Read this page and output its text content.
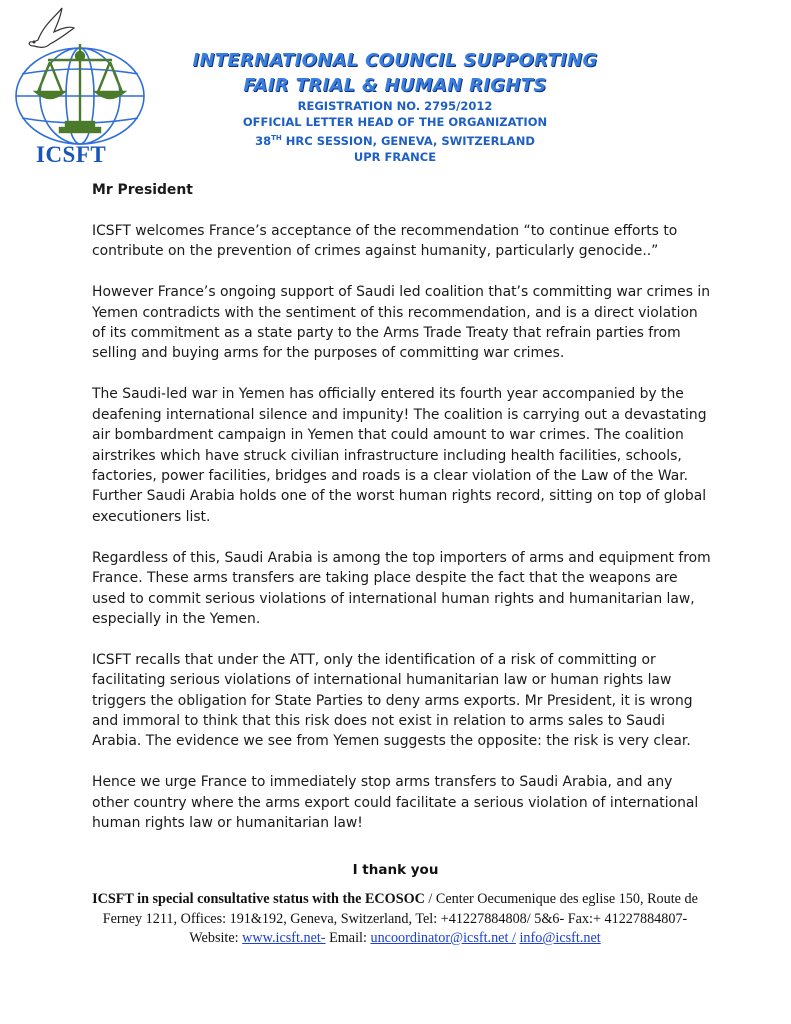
ICSFT
INTERNATIONAL COUNCIL SUPPORTING
FAIR TRIAL & HUMAN RIGHTS
REGISTRATION NO. 2795/2012
OFFICIAL LETTER HEAD OF THE ORGANIZATION
38TH HRC SESSION, GENEVA, SWITZERLAND
UPR FRANCE

Mr President

ICSFT welcomes France’s acceptance of the recommendation “to continue efforts to contribute on the prevention of crimes against humanity, particularly genocide..”

However France’s ongoing support of Saudi led coalition that’s committing war crimes in Yemen contradicts with the sentiment of this recommendation, and is a direct violation of its commitment as a state party to the Arms Trade Treaty that refrain parties from selling and buying arms for the purposes of committing war crimes.

The Saudi-led war in Yemen has officially entered its fourth year accompanied by the deafening international silence and impunity! The coalition is carrying out a devastating air bombardment campaign in Yemen that could amount to war crimes. The coalition airstrikes which have struck civilian infrastructure including health facilities, schools, factories, power facilities, bridges and roads is a clear violation of the Law of the War. Further Saudi Arabia holds one of the worst human rights record, sitting on top of global executioners list.

Regardless of this, Saudi Arabia is among the top importers of arms and equipment from France. These arms transfers are taking place despite the fact that the weapons are used to commit serious violations of international human rights and humanitarian law, especially in the Yemen.

ICSFT recalls that under the ATT, only the identification of a risk of committing or facilitating serious violations of international humanitarian law or human rights law triggers the obligation for State Parties to deny arms exports. Mr President, it is wrong and immoral to think that this risk does not exist in relation to arms sales to Saudi Arabia. The evidence we see from Yemen suggests the opposite: the risk is very clear.

Hence we urge France to immediately stop arms transfers to Saudi Arabia, and any other country where the arms export could facilitate a serious violation of international human rights law or humanitarian law!

I thank you
ICSFT in special consultative status with the ECOSOC / Center Oecumenique des eglise 150, Route de Ferney 1211, Offices: 191&192, Geneva, Switzerland, Tel: +41227884808/ 5&6- Fax:+ 41227884807- Website: www.icsft.net- Email: uncoordinator@icsft.net / info@icsft.net
